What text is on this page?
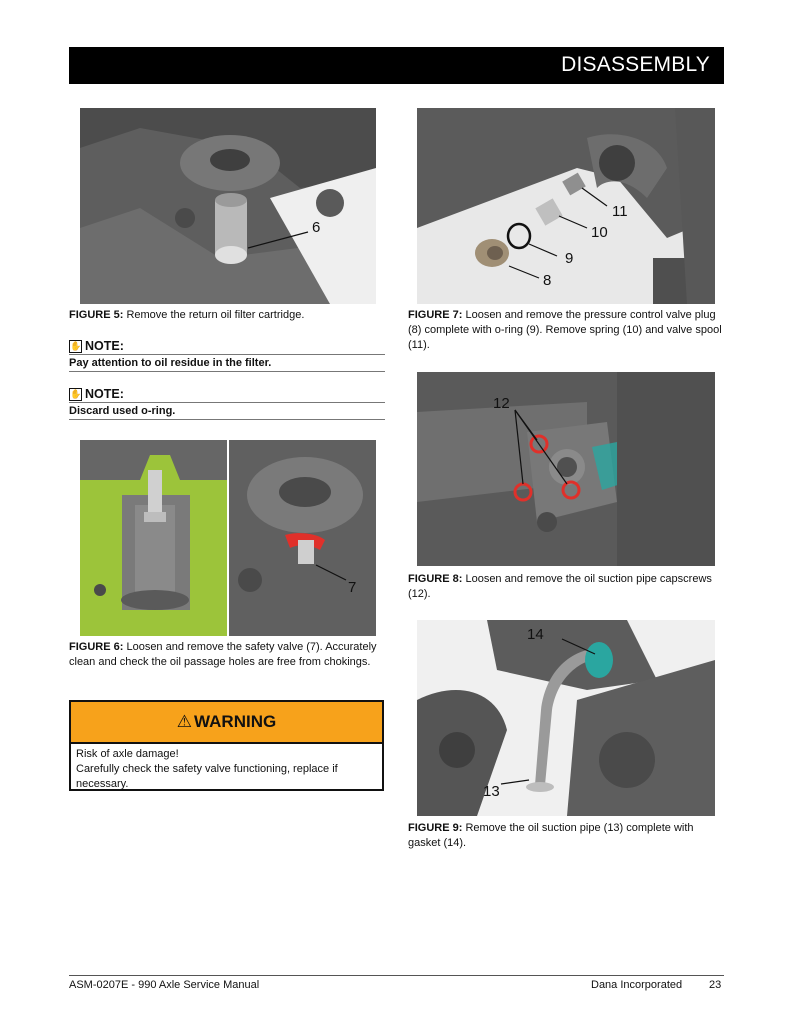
DISASSEMBLY
6
FIGURE 5: Remove the return oil filter cartridge.
✋ NOTE:
Pay attention to oil residue in the filter.
✋ NOTE:
Discard used o-ring.
7
FIGURE 6: Loosen and remove the safety valve (7). Accurately clean and check the oil passage holes are free from chokings.
⚠ WARNING
Risk of axle damage!
Carefully check the safety valve functioning, replace if necessary.
11
10
9
8
FIGURE 7: Loosen and remove the pressure control valve plug (8) complete with o-ring (9). Remove spring (10) and valve spool (11).
12
FIGURE 8: Loosen and remove the oil suction pipe capscrews (12).
14
13
FIGURE 9: Remove the oil suction pipe (13) complete with gasket (14).
ASM-0207E - 990 Axle Service Manual	Dana Incorporated 23
